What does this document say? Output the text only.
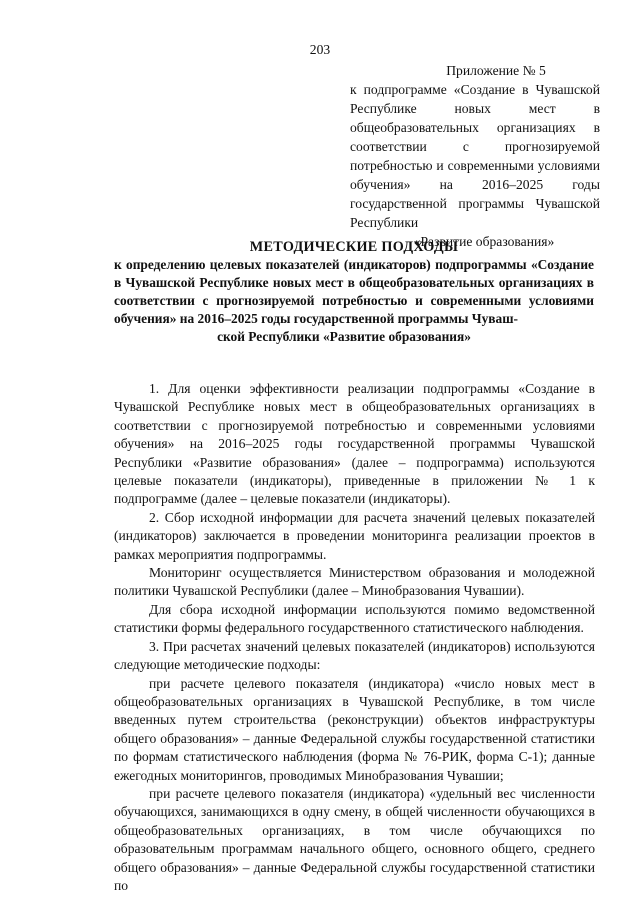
203
Приложение № 5
к подпрограмме «Создание в Чувашской Республике новых мест в общеобразовательных организациях в соответствии с прогнозируемой потребностью и современными условиями обучения» на 2016–2025 годы государственной программы Чувашской Республики
«Развитие образования»
МЕТОДИЧЕСКИЕ ПОДХОДЫ
к определению целевых показателей (индикаторов) подпрограммы «Создание в Чувашской Республике новых мест в общеобразовательных организациях в соответствии с прогнозируемой потребностью и современными условиями обучения» на 2016–2025 годы государственной программы Чуваш-
ской Республики «Развитие образования»

1. Для оценки эффективности реализации подпрограммы «Создание в Чувашской Республике новых мест в общеобразовательных организациях в соответствии с прогнозируемой потребностью и современными условиями обучения» на 2016–2025 годы государственной программы Чувашской Республики «Развитие образования» (далее – подпрограмма) используются целевые показатели (индикаторы), приведенные в приложении № 1 к подпрограмме (далее – целевые показатели (индикаторы).

2. Сбор исходной информации для расчета значений целевых показателей (индикаторов) заключается в проведении мониторинга реализации проектов в рамках мероприятия подпрограммы.

Мониторинг осуществляется Министерством образования и молодежной политики Чувашской Республики (далее – Минобразования Чувашии).

Для сбора исходной информации используются помимо ведомственной статистики формы федерального государственного статистического наблюдения.

3. При расчетах значений целевых показателей (индикаторов) используются следующие методические подходы:

при расчете целевого показателя (индикатора) «число новых мест в общеобразовательных организациях в Чувашской Республике, в том числе введенных путем строительства (реконструкции) объектов инфраструктуры общего образования» – данные Федеральной службы государственной статистики по формам статистического наблюдения (форма № 76-РИК, форма С-1); данные ежегодных мониторингов, проводимых Минобразования Чувашии;

при расчете целевого показателя (индикатора) «удельный вес численности обучающихся, занимающихся в одну смену, в общей численности обучающихся в общеобразовательных организациях, в том числе обучающихся по образовательным программам начального общего, основного общего, среднего общего образования» – данные Федеральной службы государственной статистики по
